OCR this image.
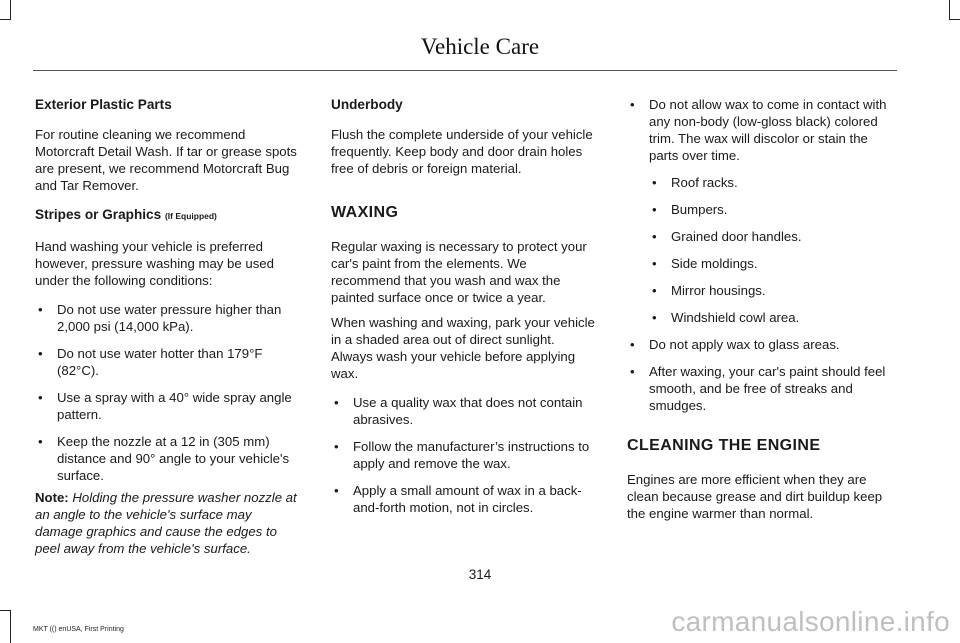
Vehicle Care
Exterior Plastic Parts

For routine cleaning we recommend Motorcraft Detail Wash. If tar or grease spots are present, we recommend Motorcraft Bug and Tar Remover.

Stripes or Graphics (If Equipped)

Hand washing your vehicle is preferred however, pressure washing may be used under the following conditions:

• Do not use water pressure higher than 2,000 psi (14,000 kPa).
• Do not use water hotter than 179°F (82°C).
• Use a spray with a 40° wide spray angle pattern.
• Keep the nozzle at a 12 in (305 mm) distance and 90° angle to your vehicle's surface.

Note: Holding the pressure washer nozzle at an angle to the vehicle's surface may damage graphics and cause the edges to peel away from the vehicle's surface.

Underbody

Flush the complete underside of your vehicle frequently. Keep body and door drain holes free of debris or foreign material.

WAXING

Regular waxing is necessary to protect your car's paint from the elements. We recommend that you wash and wax the painted surface once or twice a year.

When washing and waxing, park your vehicle in a shaded area out of direct sunlight. Always wash your vehicle before applying wax.

• Use a quality wax that does not contain abrasives.
• Follow the manufacturer’s instructions to apply and remove the wax.
• Apply a small amount of wax in a back-and-forth motion, not in circles.
• Do not allow wax to come in contact with any non-body (low-gloss black) colored trim. The wax will discolor or stain the parts over time.
• Roof racks.
• Bumpers.
• Grained door handles.
• Side moldings.
• Mirror housings.
• Windshield cowl area.
• Do not apply wax to glass areas.
• After waxing, your car's paint should feel smooth, and be free of streaks and smudges.
CLEANING THE ENGINE

Engines are more efficient when they are clean because grease and dirt buildup keep the engine warmer than normal.

314
MKT (() enUSA, First Printing	carmanualsonline.info
